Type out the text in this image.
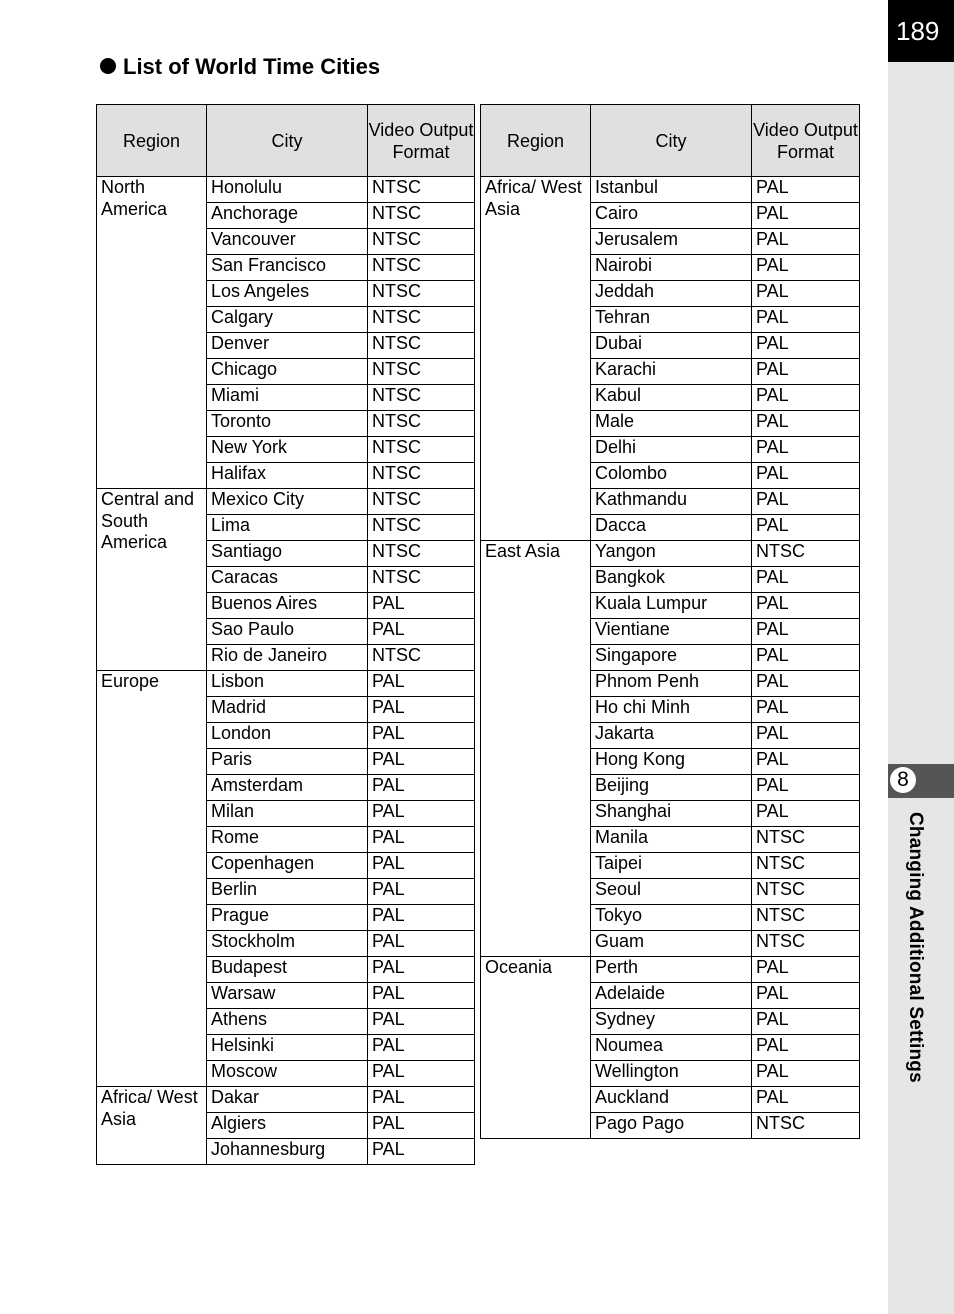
189
8
Changing Additional Settings
List of World Time Cities
Region	City	Video Output Format
North America	Honolulu	NTSC
	Anchorage	NTSC
	Vancouver	NTSC
	San Francisco	NTSC
	Los Angeles	NTSC
	Calgary	NTSC
	Denver	NTSC
	Chicago	NTSC
	Miami	NTSC
	Toronto	NTSC
	New York	NTSC
	Halifax	NTSC
Central and South America	Mexico City	NTSC
	Lima	NTSC
	Santiago	NTSC
	Caracas	NTSC
	Buenos Aires	PAL
	Sao Paulo	PAL
	Rio de Janeiro	NTSC
Europe	Lisbon	PAL
	Madrid	PAL
	London	PAL
	Paris	PAL
	Amsterdam	PAL
	Milan	PAL
	Rome	PAL
	Copenhagen	PAL
	Berlin	PAL
	Prague	PAL
	Stockholm	PAL
	Budapest	PAL
	Warsaw	PAL
	Athens	PAL
	Helsinki	PAL
	Moscow	PAL
Africa/ West Asia	Dakar	PAL
	Algiers	PAL
	Johannesburg	PAL
Region	City	Video Output Format
Africa/ West Asia	Istanbul	PAL
	Cairo	PAL
	Jerusalem	PAL
	Nairobi	PAL
	Jeddah	PAL
	Tehran	PAL
	Dubai	PAL
	Karachi	PAL
	Kabul	PAL
	Male	PAL
	Delhi	PAL
	Colombo	PAL
	Kathmandu	PAL
	Dacca	PAL
East Asia	Yangon	NTSC
	Bangkok	PAL
	Kuala Lumpur	PAL
	Vientiane	PAL
	Singapore	PAL
	Phnom Penh	PAL
	Ho chi Minh	PAL
	Jakarta	PAL
	Hong Kong	PAL
	Beijing	PAL
	Shanghai	PAL
	Manila	NTSC
	Taipei	NTSC
	Seoul	NTSC
	Tokyo	NTSC
	Guam	NTSC
Oceania	Perth	PAL
	Adelaide	PAL
	Sydney	PAL
	Noumea	PAL
	Wellington	PAL
	Auckland	PAL
	Pago Pago	NTSC
